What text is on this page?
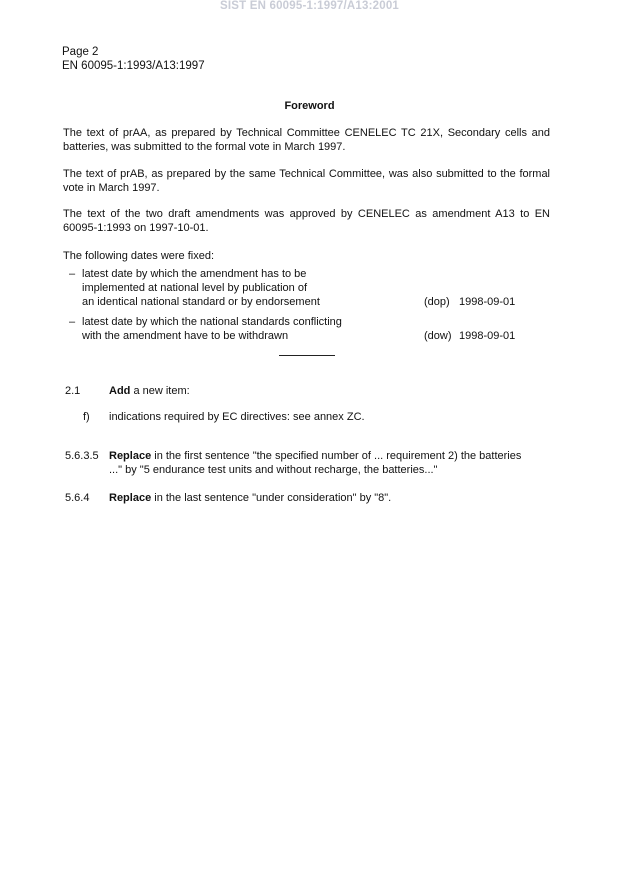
SIST EN 60095-1:1997/A13:2001
Page 2
EN 60095-1:1993/A13:1997
Foreword
The text of prAA, as prepared by Technical Committee CENELEC TC 21X, Secondary cells and batteries, was submitted to the formal vote in March 1997.
The text of prAB, as prepared by the same Technical Committee, was also submitted to the formal vote in March 1997.
The text of the two draft amendments was approved by CENELEC as amendment A13 to EN 60095-1:1993 on 1997-10-01.
The following dates were fixed:
– latest date by which the amendment has to be
implemented at national level by publication of
an identical national standard or by endorsement	(dop) 1998-09-01
– latest date by which the national standards conflicting
with the amendment have to be withdrawn	(dow) 1998-09-01
2.1	Add a new item:
f) indications required by EC directives: see annex ZC.
5.6.3.5 Replace in the first sentence "the specified number of ... requirement 2) the batteries
..." by "5 endurance test units and without recharge, the batteries..."
5.6.4 Replace in the last sentence "under consideration" by "8".
